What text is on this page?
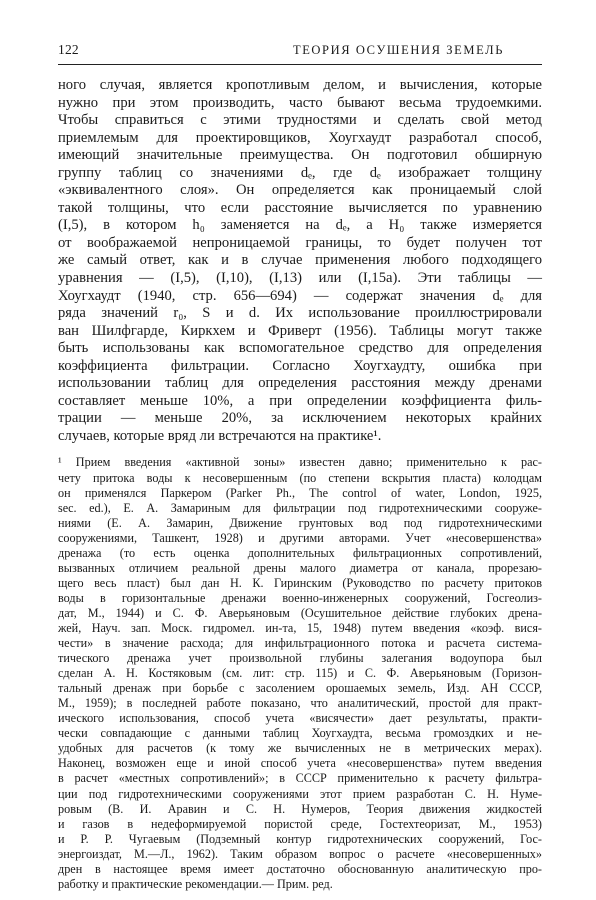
122	ТЕОРИЯ ОСУШЕНИЯ ЗЕМЕЛЬ
ного случая, является кропотливым делом, и вычисления, которые
нужно при этом производить, часто бывают весьма трудоемкими.
Чтобы справиться с этими трудностями и сделать свой метод
приемлемым для проектировщиков, Хоугхаудт разработал способ,
имеющий значительные преимущества. Он подготовил обширную
группу таблиц со значениями dₑ, где dₑ изображает толщину
«эквивалентного слоя». Он определяется как проницаемый слой
такой толщины, что если расстояние вычисляется по уравнению
(I,5), в котором h₀ заменяется на dₑ, а H₀ также измеряется
от воображаемой непроницаемой границы, то будет получен тот
же самый ответ, как и в случае применения любого подходящего
уравнения — (I,5), (I,10), (I,13) или (I,15a). Эти таблицы —
Хоугхаудт (1940, стр. 656—694) — содержат значения dₑ для
ряда значений r₀, S и d. Их использование проиллюстрировали
ван Шилфгарде, Киркхем и Фриверт (1956). Таблицы могут также
быть использованы как вспомогательное средство для определения
коэффициента фильтрации. Согласно Хоугхаудту, ошибка при
использовании таблиц для определения расстояния между дренами
составляет меньше 10%, а при определении коэффициента филь-
трации — меньше 20%, за исключением некоторых крайних
случаев, которые вряд ли встречаются на практике¹.
¹ Прием введения «активной зоны» известен давно; применительно к рас-
чету притока воды к несовершенным (по степени вскрытия пласта) колодцам
он применялся Паркером (Parker Ph., The control of water, London, 1925,
sec. ed.), Е. А. Замариным для фильтрации под гидротехническими сооруже-
ниями (Е. А. Замарин, Движение грунтовых вод под гидротехническими
сооружениями, Ташкент, 1928) и другими авторами. Учет «несовершенства»
дренажа (то есть оценка дополнительных фильтрационных сопротивлений,
вызванных отличием реальной дрены малого диаметра от канала, прорезаю-
щего весь пласт) был дан Н. К. Гиринским (Руководство по расчету притоков
воды в горизонтальные дренажи военно-инженерных сооружений, Госгеолиз-
дат, М., 1944) и С. Ф. Аверьяновым (Осушительное действие глубоких дрена-
жей, Науч. зап. Моск. гидромел. ин-та, 15, 1948) путем введения «коэф. вися-
чести» в значение расхода; для инфильтрационного потока и расчета система-
тического дренажа учет произвольной глубины залегания водоупора был
сделан А. Н. Костяковым (см. лит: стр. 115) и С. Ф. Аверьяновым (Горизон-
тальный дренаж при борьбе с засолением орошаемых земель, Изд. АН СССР,
М., 1959); в последней работе показано, что аналитический, простой для практ-
ического использования, способ учета «висячести» дает результаты, практи-
чески совпадающие с данными таблиц Хоугхаудта, весьма громоздких и не-
удобных для расчетов (к тому же вычисленных не в метрических мерах).
Наконец, возможен еще и иной способ учета «несовершенства» путем введения
в расчет «местных сопротивлений»; в СССР применительно к расчету фильтра-
ции под гидротехническими сооружениями этот прием разработан С. Н. Нуме-
ровым (В. И. Аравин и С. Н. Нумеров, Теория движения жидкостей
и газов в недеформируемой пористой среде, Гостехтеоризат, М., 1953)
и Р. Р. Чугаевым (Подземный контур гидротехнических сооружений, Гос-
энергоиздат, М.—Л., 1962). Таким образом вопрос о расчете «несовершенных»
дрен в настоящее время имеет достаточно обоснованную аналитическую про-
работку и практические рекомендации.— Прим. ред.
